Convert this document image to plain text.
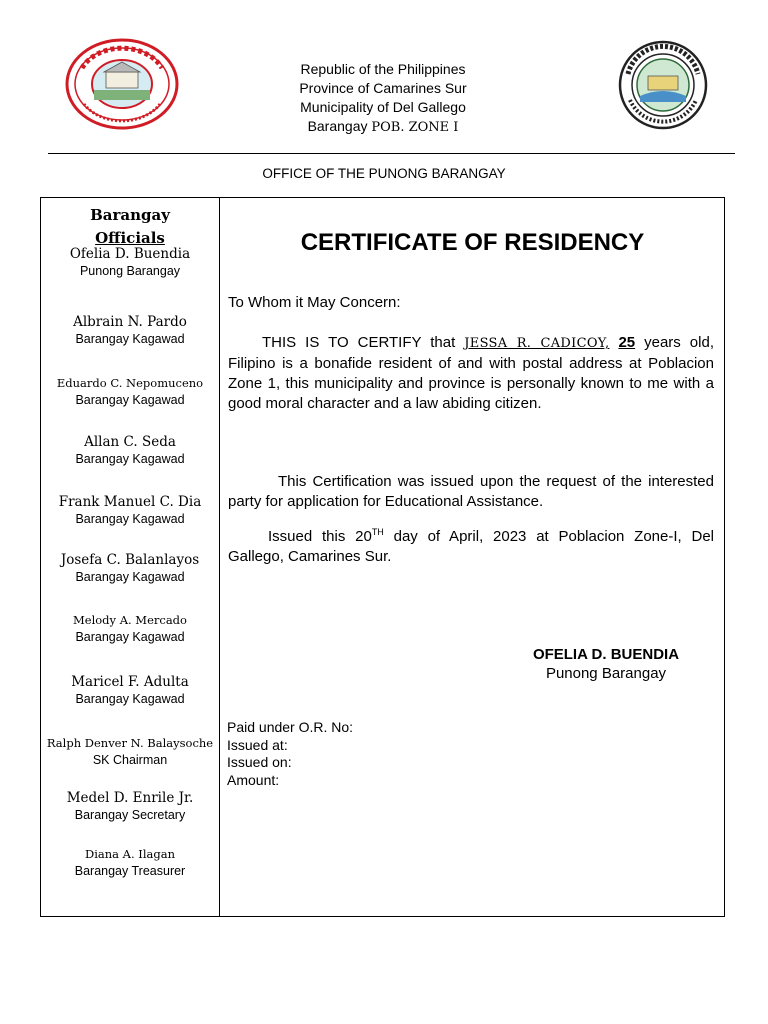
Republic of the Philippines
Province of Camarines Sur
Municipality of Del Gallego
Barangay POB. ZONE I
OFFICE OF THE PUNONG BARANGAY
Barangay
Officials
Ofelia D. Buendia
Punong Barangay
Albrain N. Pardo
Barangay Kagawad
Eduardo C. Nepomuceno
Barangay Kagawad
Allan C. Seda
Barangay Kagawad
Frank Manuel C. Dia
Barangay Kagawad
Josefa C. Balanlayos
Barangay Kagawad
Melody A. Mercado
Barangay Kagawad
Maricel F. Adulta
Barangay Kagawad
Ralph Denver N. Balaysoche
SK Chairman
Medel D. Enrile Jr.
Barangay Secretary
Diana A. Ilagan
Barangay Treasurer
CERTIFICATE OF RESIDENCY
To Whom it May Concern:
THIS IS TO CERTIFY that JESSA R. CADICOY, 25 years old, Filipino is a bonafide resident of and with postal address at Poblacion Zone 1, this municipality and province is personally known to me with a good moral character and a law abiding citizen.
This Certification was issued upon the request of the interested party for application for Educational Assistance.
Issued this 20TH day of April, 2023 at Poblacion Zone-I, Del Gallego, Camarines Sur.
OFELIA D. BUENDIA
Punong Barangay
Paid under O.R. No:
Issued at:
Issued on:
Amount:
